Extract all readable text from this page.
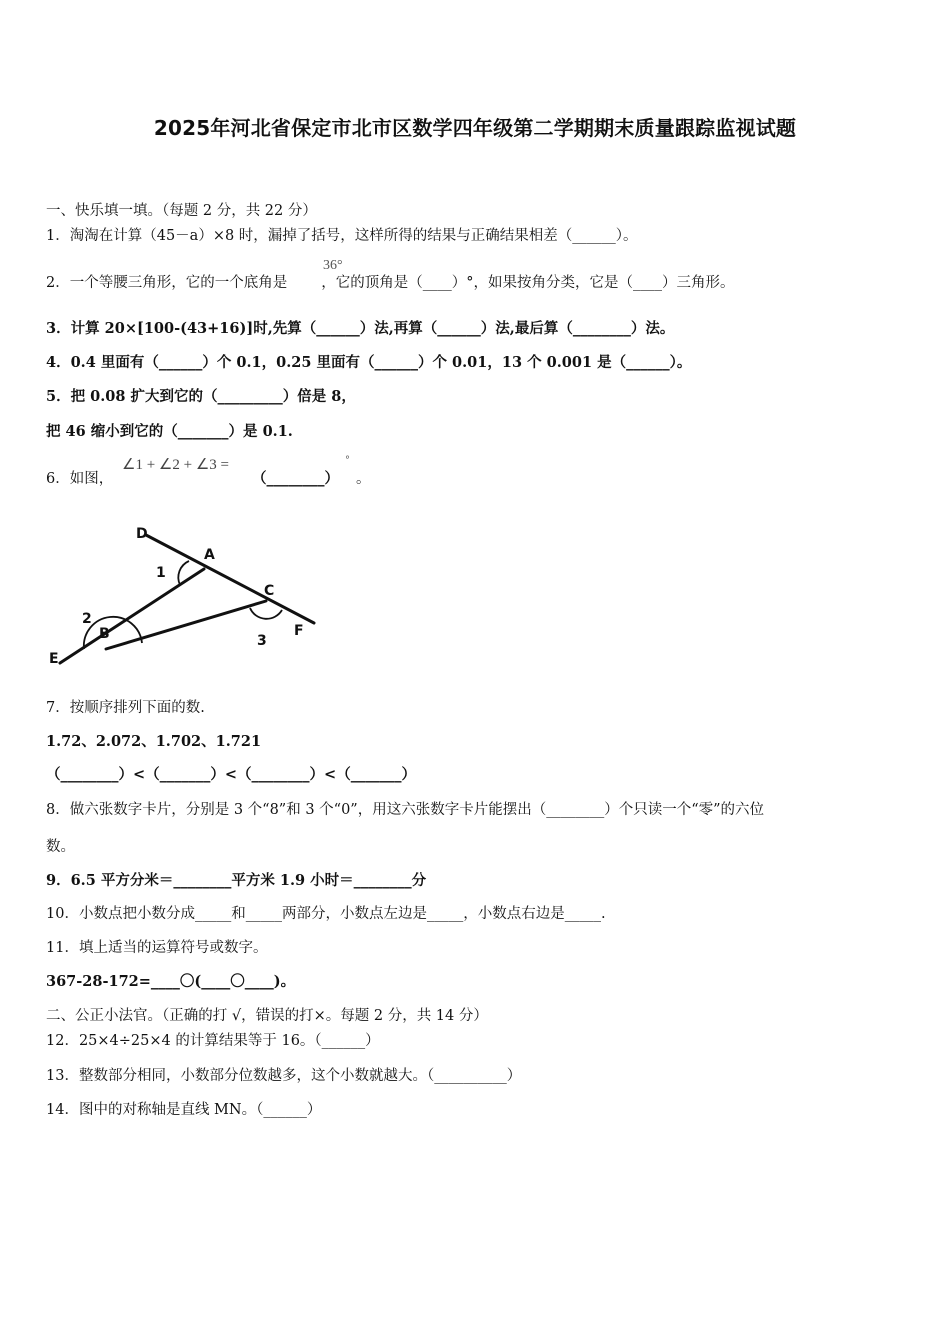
2025年河北省保定市北市区数学四年级第二学期期末质量跟踪监视试题
一、快乐填一填。（每题 2 分，共 22 分）
1．淘淘在计算（45－a）×8 时，漏掉了括号，这样所得的结果与正确结果相差（______）。
2．一个等腰三角形，它的一个底角是 ，它的顶角是（____）°，如果按角分类，它是（____）三角形。
36°
3．计算 20×[100-(43+16)]时,先算（______）法,再算（______）法,最后算（________）法。
4．0.4 里面有（______）个 0.1，0.25 里面有（______）个 0.01，13 个 0.001 是（______）。
5．把 0.08 扩大到它的（_________）倍是 8，
把 46 缩小到它的（_______）是 0.1.
6．如图，
∠1 + ∠2 + ∠3 =
（________）
°
。
D
A
C
E
F
B
1
2
3
7．按顺序排列下面的数.
1.72、2.072、1.702、1.721
（________）<（_______）<（________）<（_______）
8．做六张数字卡片，分别是 3 个“8”和 3 个“0”，用这六张数字卡片能摆出（________）个只读一个“零”的六位
数。
9．6.5 平方分米＝________平方米 1.9 小时＝________分
10．小数点把小数分成_____和_____两部分，小数点左边是_____，小数点右边是_____.
11．填上适当的运算符号或数字。
367-28-172=____〇(____〇____)。
二、公正小法官。（正确的打 √，错误的打×。每题 2 分，共 14 分）
12．25×4÷25×4 的计算结果等于 16。（______）
13．整数部分相同，小数部分位数越多，这个小数就越大。（__________）
14．图中的对称轴是直线 MN。（______）
